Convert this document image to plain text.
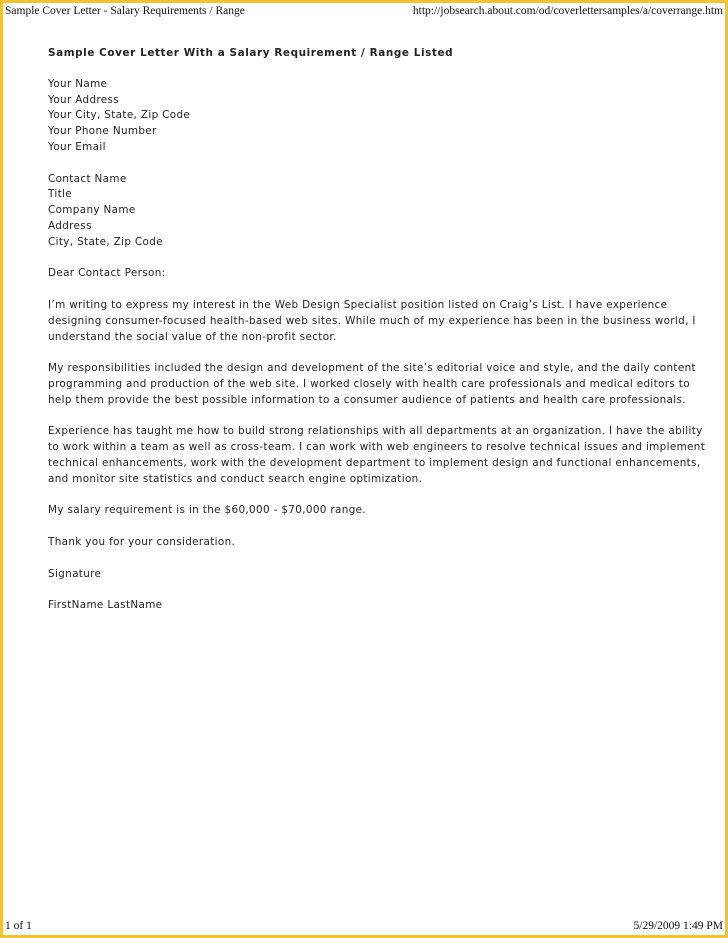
Sample Cover Letter - Salary Requirements / Range	http://jobsearch.about.com/od/coverlettersamples/a/coverrange.htm
Sample Cover Letter With a Salary Requirement / Range Listed
Your Name
Your Address
Your City, State, Zip Code
Your Phone Number
Your Email
Contact Name
Title
Company Name
Address
City, State, Zip Code
Dear Contact Person:
I’m writing to express my interest in the Web Design Specialist position listed on Craig’s List. I have experience
designing consumer-focused health-based web sites. While much of my experience has been in the business world, I
understand the social value of the non-profit sector.
My responsibilities included the design and development of the site’s editorial voice and style, and the daily content
programming and production of the web site. I worked closely with health care professionals and medical editors to
help them provide the best possible information to a consumer audience of patients and health care professionals.
Experience has taught me how to build strong relationships with all departments at an organization. I have the ability
to work within a team as well as cross-team. I can work with web engineers to resolve technical issues and implement
technical enhancements, work with the development department to implement design and functional enhancements,
and monitor site statistics and conduct search engine optimization.
My salary requirement is in the $60,000 - $70,000 range.
Thank you for your consideration.
Signature
FirstName LastName
1 of 1	5/29/2009 1:49 PM
